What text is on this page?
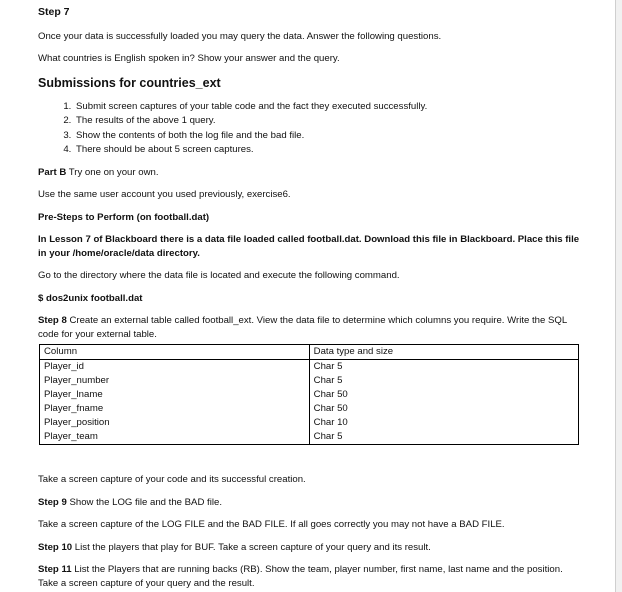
Step 7

Once your data is successfully loaded you may query the data. Answer the following questions.

What countries is English spoken in? Show your answer and the query.

Submissions for countries_ext
1. Submit screen captures of your table code and the fact they executed successfully.
2. The results of the above 1 query.
3. Show the contents of both the log file and the bad file.
4. There should be about 5 screen captures.

Part B Try one on your own.

Use the same user account you used previously, exercise6.

Pre-Steps to Perform (on football.dat)

In Lesson 7 of Blackboard there is a data file loaded called football.dat. Download this file in Blackboard. Place this file in your /home/oracle/data directory.

Go to the directory where the data file is located and execute the following command.

$ dos2unix football.dat

Step 8 Create an external table called football_ext. View the data file to determine which columns you require. Write the SQL code for your external table.

Column	Data type and size
Player_id	Char 5
Player_number	Char 5
Player_lname	Char 50
Player_fname	Char 50
Player_position	Char 10
Player_team	Char 5

Take a screen capture of your code and its successful creation.

Step 9 Show the LOG file and the BAD file.

Take a screen capture of the LOG FILE and the BAD FILE. If all goes correctly you may not have a BAD FILE.

Step 10 List the players that play for BUF. Take a screen capture of your query and its result.

Step 11 List the Players that are running backs (RB). Show the team, player number, first name, last name and the position. Take a screen capture of your query and the result.
